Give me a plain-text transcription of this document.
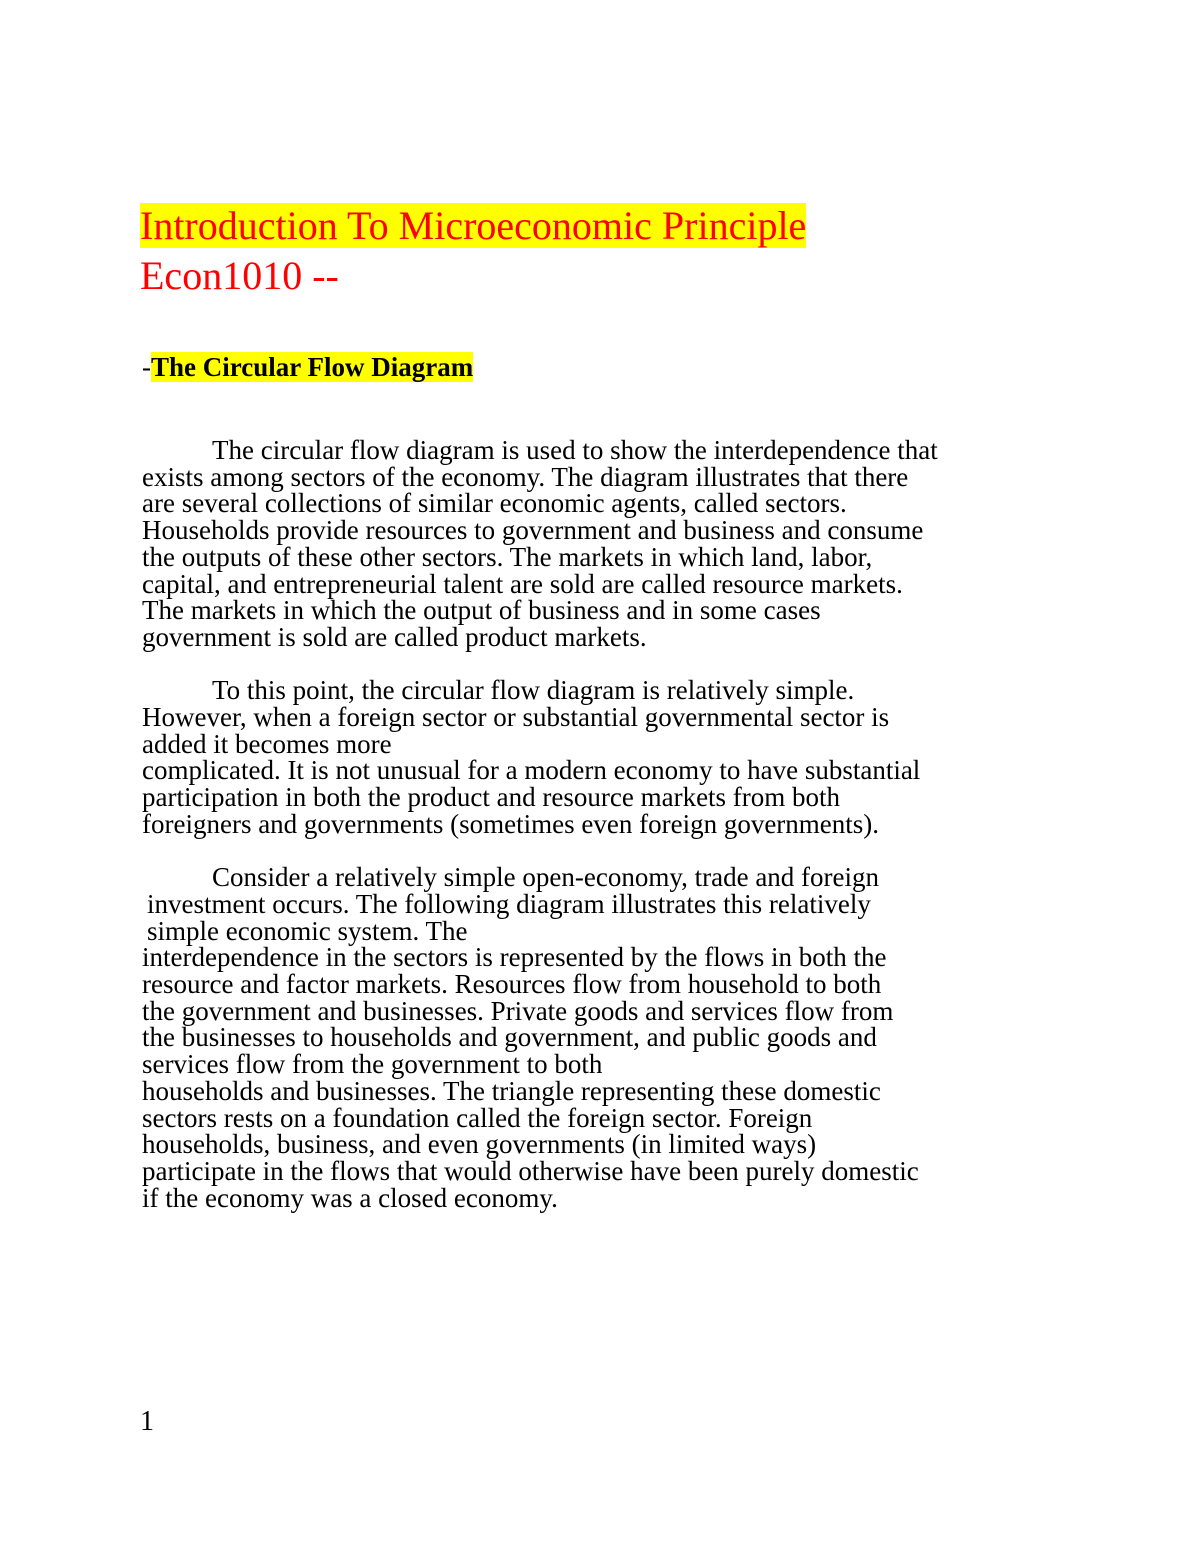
Introduction To Microeconomic Principle

Econ1010 --

-The Circular Flow Diagram

The circular flow diagram is used to show the interdependence that
exists among sectors of the economy. The diagram illustrates that there
are several collections of similar economic agents, called sectors.
Households provide resources to government and business and consume
the outputs of these other sectors. The markets in which land, labor,
capital, and entrepreneurial talent are sold are called resource markets.
The markets in which the output of business and in some cases
government is sold are called product markets.
To this point, the circular flow diagram is relatively simple.
However, when a foreign sector or substantial governmental sector is
added it becomes more
complicated. It is not unusual for a modern economy to have substantial
participation in both the product and resource markets from both
foreigners and governments (sometimes even foreign governments).
Consider a relatively simple open-economy, trade and foreign
investment occurs. The following diagram illustrates this relatively
simple economic system. The
interdependence in the sectors is represented by the flows in both the
resource and factor markets. Resources flow from household to both
the government and businesses. Private goods and services flow from
the businesses to households and government, and public goods and
services flow from the government to both
households and businesses. The triangle representing these domestic
sectors rests on a foundation called the foreign sector. Foreign
households, business, and even governments (in limited ways)
participate in the flows that would otherwise have been purely domestic
if the economy was a closed economy.
1
